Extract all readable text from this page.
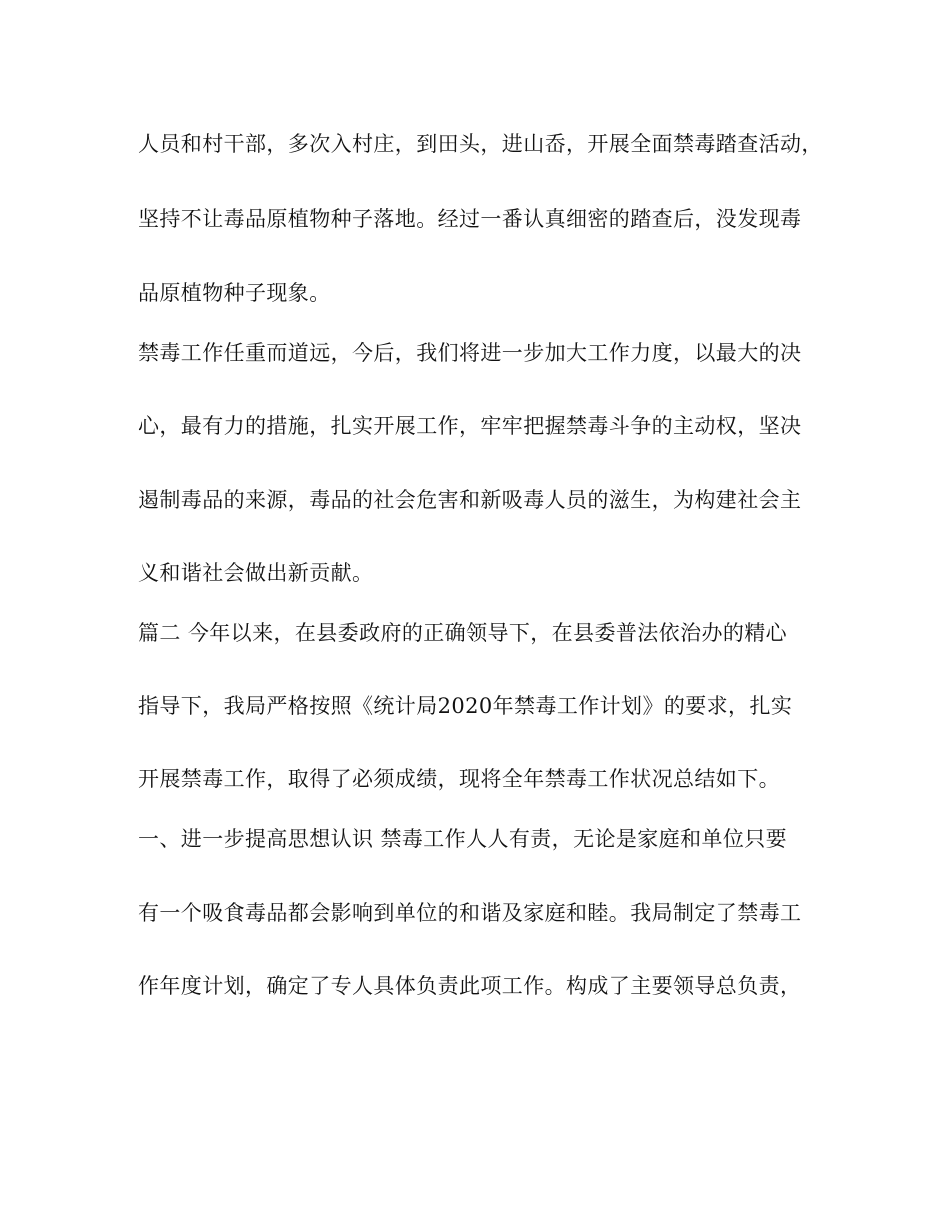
人员和村干部，多次入村庄，到田头，进山岙，开展全面禁毒踏查活动，
坚持不让毒品原植物种子落地。经过一番认真细密的踏查后，没发现毒
品原植物种子现象。
禁毒工作任重而道远，今后，我们将进一步加大工作力度，以最大的决
心，最有力的措施，扎实开展工作，牢牢把握禁毒斗争的主动权，坚决
遏制毒品的来源，毒品的社会危害和新吸毒人员的滋生，为构建社会主
义和谐社会做出新贡献。
篇二 今年以来，在县委政府的正确领导下，在县委普法依治办的精心
指导下，我局严格按照《统计局2020年禁毒工作计划》的要求，扎实
开展禁毒工作，取得了必须成绩，现将全年禁毒工作状况总结如下。
一、进一步提高思想认识 禁毒工作人人有责，无论是家庭和单位只要
有一个吸食毒品都会影响到单位的和谐及家庭和睦。我局制定了禁毒工
作年度计划，确定了专人具体负责此项工作。构成了主要领导总负责，
